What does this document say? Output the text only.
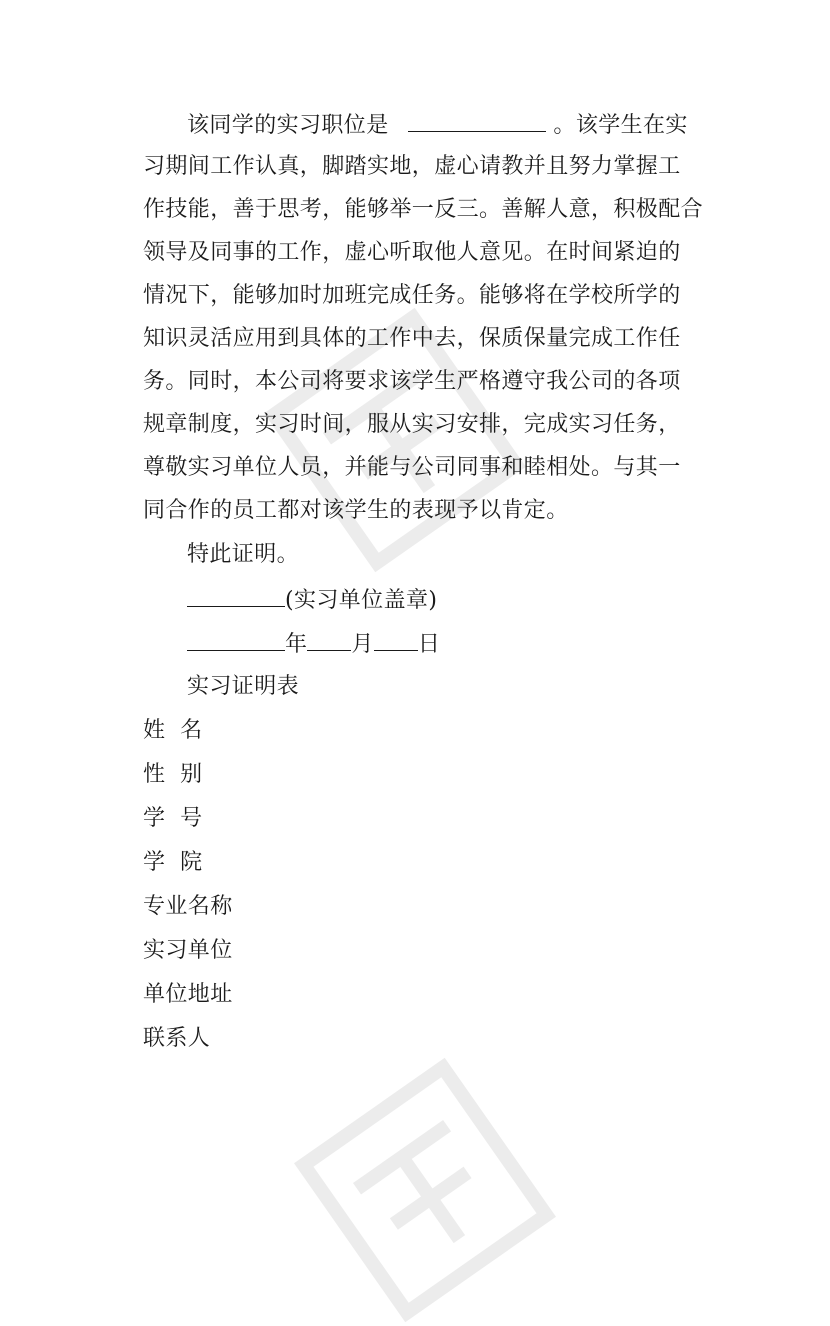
该同学的实习职位是	。该学生在实
习期间工作认真，脚踏实地，虚心请教并且努力掌握工
作技能，善于思考，能够举一反三。善解人意，积极配合
领导及同事的工作，虚心听取他人意见。在时间紧迫的
情况下，能够加时加班完成任务。能够将在学校所学的
知识灵活应用到具体的工作中去，保质保量完成工作任
务。同时，本公司将要求该学生严格遵守我公司的各项
规章制度，实习时间，服从实习安排，完成实习任务，
尊敬实习单位人员，并能与公司同事和睦相处。与其一
同合作的员工都对该学生的表现予以肯定。
特此证明。
(实习单位盖章)
年 月 日
实习证明表
姓  名
性  别
学  号
学  院
专业名称
实习单位
单位地址
联系人
